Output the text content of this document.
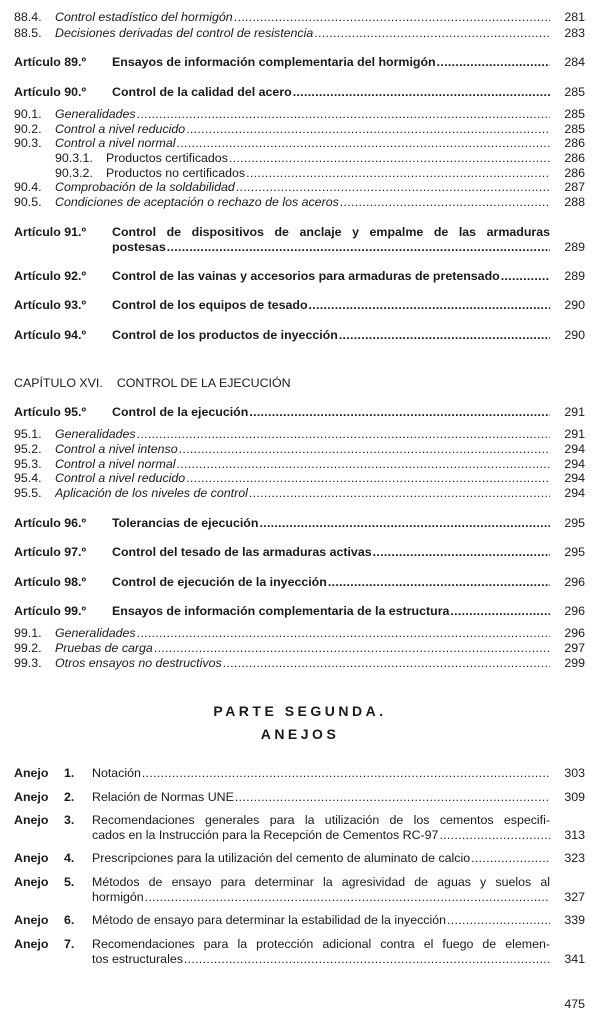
88.4. Control estadístico del hormigón .....	281
88.5. Decisiones derivadas del control de resistencia .....	283
Artículo 89.º Ensayos de información complementaria del hormigón .....	284
Artículo 90.º Control de la calidad del acero .....	285
90.1. Generalidades .....	285
90.2. Control a nivel reducido .....	285
90.3. Control a nivel normal .....	286
90.3.1. Productos certificados .....	286
90.3.2. Productos no certificados .....	286
90.4. Comprobación de la soldabilidad .....	287
90.5. Condiciones de aceptación o rechazo de los aceros .....	288
Artículo 91.º Control de dispositivos de anclaje y empalme de las armaduras
postesas .....	289
Artículo 92.º Control de las vainas y accesorios para armaduras de pretensado .....	289
Artículo 93.º Control de los equipos de tesado .....	290
Artículo 94.º Control de los productos de inyección .....	290
Artículo 95.º Control de la ejecución .....	291
95.1. Generalidades .....	291
95.2. Control a nivel intenso .....	294
95.3. Control a nivel normal .....	294
95.4. Control a nivel reducido .....	294
95.5. Aplicación de los niveles de control .....	294
Artículo 96.º Tolerancias de ejecución .....	295
Artículo 97.º Control del tesado de las armaduras activas .....	295
Artículo 98.º Control de ejecución de la inyección .....	296
Artículo 99.º Ensayos de información complementaria de la estructura .....	296
99.1. Generalidades .....	296
99.2. Pruebas de carga .....	297
99.3. Otros ensayos no destructivos .....	299
Anejo 1. Notación .....	303
Anejo 2. Relación de Normas UNE .....	309
Anejo 3. Recomendaciones generales para la utilización de los cementos especifi-
cados en la Instrucción para la Recepción de Cementos RC-97 .....	313
Anejo 4. Prescripciones para la utilización del cemento de aluminato de calcio .....	323
Anejo 5. Métodos de ensayo para determinar la agresividad de aguas y suelos al
hormigón .....	327
Anejo 6. Método de ensayo para determinar la estabilidad de la inyección .....	339
Anejo 7. Recomendaciones para la protección adicional contra el fuego de elemen-
tos estructurales .....	341
CAPÍTULO XVI. CONTROL DE LA EJECUCIÓN
PARTE SEGUNDA.
ANEJOS
475
